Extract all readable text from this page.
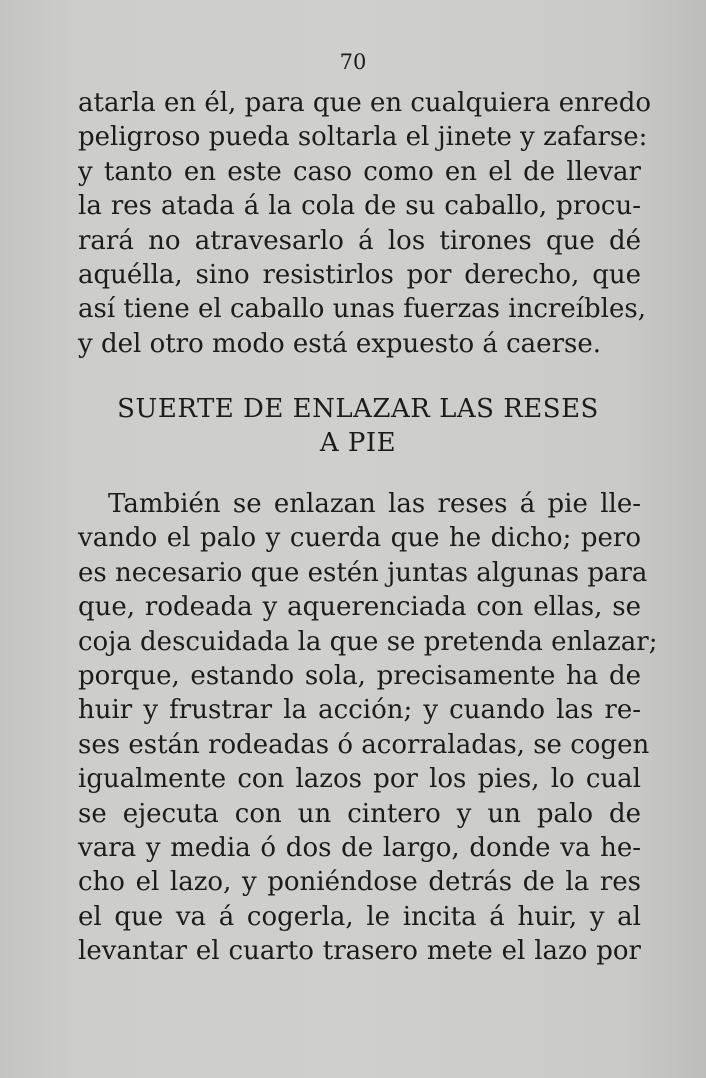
70
atarla en él, para que en cualquiera enredo
peligroso pueda soltarla el jinete y zafarse:
y tanto en este caso como en el de llevar
la res atada á la cola de su caballo, procu-
rará no atravesarlo á los tirones que dé
aquélla, sino resistirlos por derecho, que
así tiene el caballo unas fuerzas increíbles,
y del otro modo está expuesto á caerse.
SUERTE DE ENLAZAR LAS RESES
A PIE
También se enlazan las reses á pie lle-
vando el palo y cuerda que he dicho; pero
es necesario que estén juntas algunas para
que, rodeada y aquerenciada con ellas, se
coja descuidada la que se pretenda enlazar;
porque, estando sola, precisamente ha de
huir y frustrar la acción; y cuando las re-
ses están rodeadas ó acorraladas, se cogen
igualmente con lazos por los pies, lo cual
se ejecuta con un cintero y un palo de
vara y media ó dos de largo, donde va he-
cho el lazo, y poniéndose detrás de la res
el que va á cogerla, le incita á huir, y al
levantar el cuarto trasero mete el lazo por
